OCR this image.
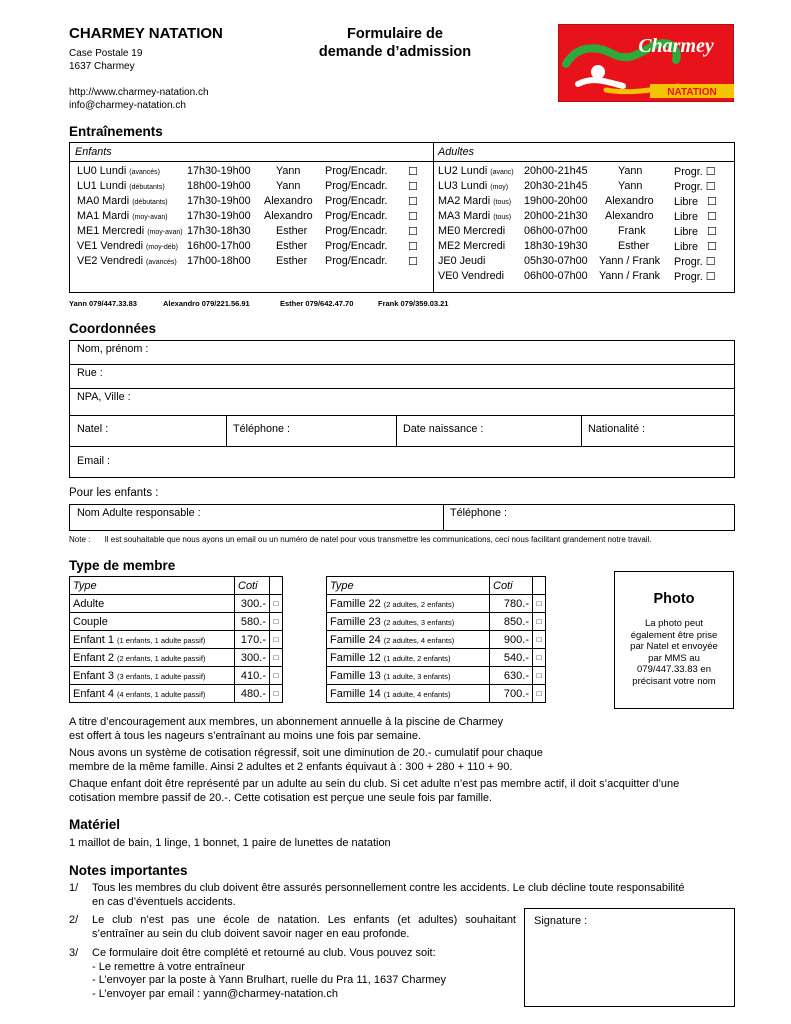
CHARMEY NATATION
Case Postale 19
1637 Charmey
http://www.charmey-natation.ch
info@charmey-natation.ch
Formulaire de
demande d’admission	Charmey
NATATION
Entraînements
Enfants	Adultes
LU0 Lundi (avancés)	17h30-19h00 Yann Prog/Encadr. ☐
LU1 Lundi (débutants) 18h00-19h00 Yann Prog/Encadr. ☐
MA0 Mardi (débutants) 17h30-19h00 Alexandro Prog/Encadr. ☐
MA1 Mardi (moy-avan) 17h30-19h00 Alexandro Prog/Encadr. ☐
ME1 Mercredi (moy-avan) 17h30-18h30 Esther Prog/Encadr. ☐
VE1 Vendredi (moy-déb) 16h00-17h00 Esther Prog/Encadr. ☐
VE2 Vendredi (avancés) 17h00-18h00 Esther Prog/Encadr. ☐
LU2 Lundi (avanc) 20h00-21h45	Yann	Progr. ☐
LU3 Lundi (moy) 20h30-21h45	Yann	Progr. ☐
MA2 Mardi (tous) 19h00-20h00 Alexandro Libre   ☐
MA3 Mardi (tous) 20h00-21h30 Alexandro Libre   ☐
ME0 Mercredi 06h00-07h00	Frank	Libre   ☐
ME2 Mercredi 18h30-19h30	Esther Libre   ☐
JE0 Jeudi	05h30-07h00 Yann / Frank Progr. ☐
VE0 Vendredi 06h00-07h00 Yann / Frank Progr. ☐
Yann 079/447.33.83	Alexandro 079/221.56.91	Esther 079/642.47.70	Frank 079/359.03.21
Coordonnées
Nom, prénom :
Rue :
NPA, Ville :
Natel :	Téléphone :	Date naissance :	Nationalité :
Email :
Pour les enfants :
Nom Adulte responsable :	Téléphone :
Note : Il est souhaitable que nous ayons un email ou un numéro de natel pour vous transmettre les communications, ceci nous facilitant grandement notre travail.
Type de membre
Type	Coti	
Adulte	300.-	□
Couple	580.-	□
Enfant 1 (1 enfants, 1 adulte passif)	170.-	□
Enfant 2 (2 enfants, 1 adulte passif)	300.-	□
Enfant 3 (3 enfants, 1 adulte passif)	410.-	□
Enfant 4 (4 enfants, 1 adulte passif)	480.-	□
Type	Coti	
Famille 22 (2 adultes, 2 enfants)	780.-	□
Famille 23 (2 adultes, 3 enfants)	850.-	□
Famille 24 (2 adultes, 4 enfants)	900.-	□
Famille 12 (1 adulte, 2 enfants)	540.-	□
Famille 13 (1 adulte, 3 enfants)	630.-	□
Famille 14 (1 adulte, 4 enfants)	700.-	□
Photo
La photo peut
également être prise
par Natel et envoyée
par MMS au
079/447.33.83 en
précisant votre nom
A titre d’encouragement aux membres, un abonnement annuelle à la piscine de Charmey
est offert à tous les nageurs s’entraînant au moins une fois par semaine.
Nous avons un système de cotisation régressif, soit une diminution de 20.- cumulatif pour chaque
membre de la même famille. Ainsi 2 adultes et 2 enfants équivaut à : 300 + 280 + 110 + 90.
Chaque enfant doit être représenté par un adulte au sein du club. Si cet adulte n’est pas membre actif, il doit s’acquitter d’une
cotisation membre passif de 20.-. Cette cotisation est perçue une seule fois par famille.
Matériel
1 maillot de bain, 1 linge, 1 bonnet, 1 paire de lunettes de natation
Notes importantes
1/ Tous les membres du club doivent être assurés personnellement contre les accidents. Le club décline toute responsabilité
en cas d’éventuels accidents.
2/ Le club n’est pas une école de natation. Les enfants (et adultes) souhaitant
s’entraîner au sein du club doivent savoir nager en eau profonde.
3/ Ce formulaire doit être complété et retourné au club. Vous pouvez soit:
- Le remettre à votre entraîneur
- L’envoyer par la poste à Yann Brulhart, ruelle du Pra 11, 1637 Charmey
- L’envoyer par email : yann@charmey-natation.ch
Signature :
